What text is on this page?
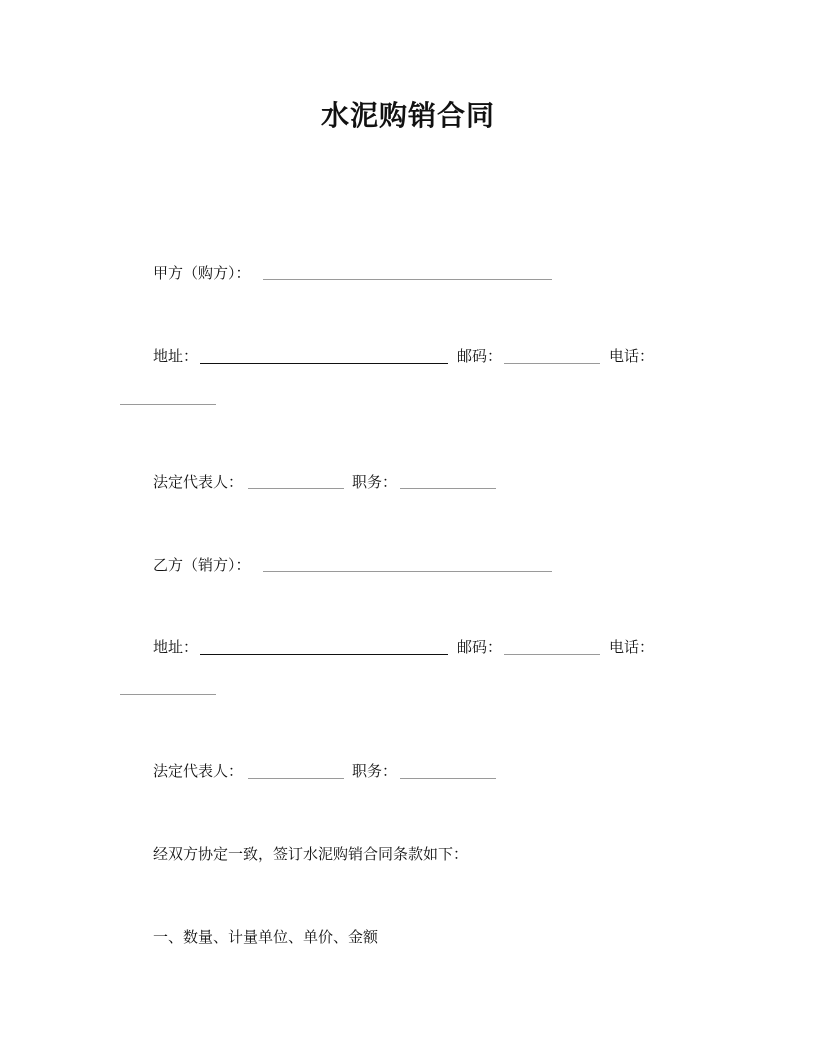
水泥购销合同
甲方（购方）：
地址：	邮码：	电话：
法定代表人：	职务：
乙方（销方）：
地址：	邮码：	电话：
法定代表人：	职务：
经双方协定一致，签订水泥购销合同条款如下：
一、数量、计量单位、单价、金额
